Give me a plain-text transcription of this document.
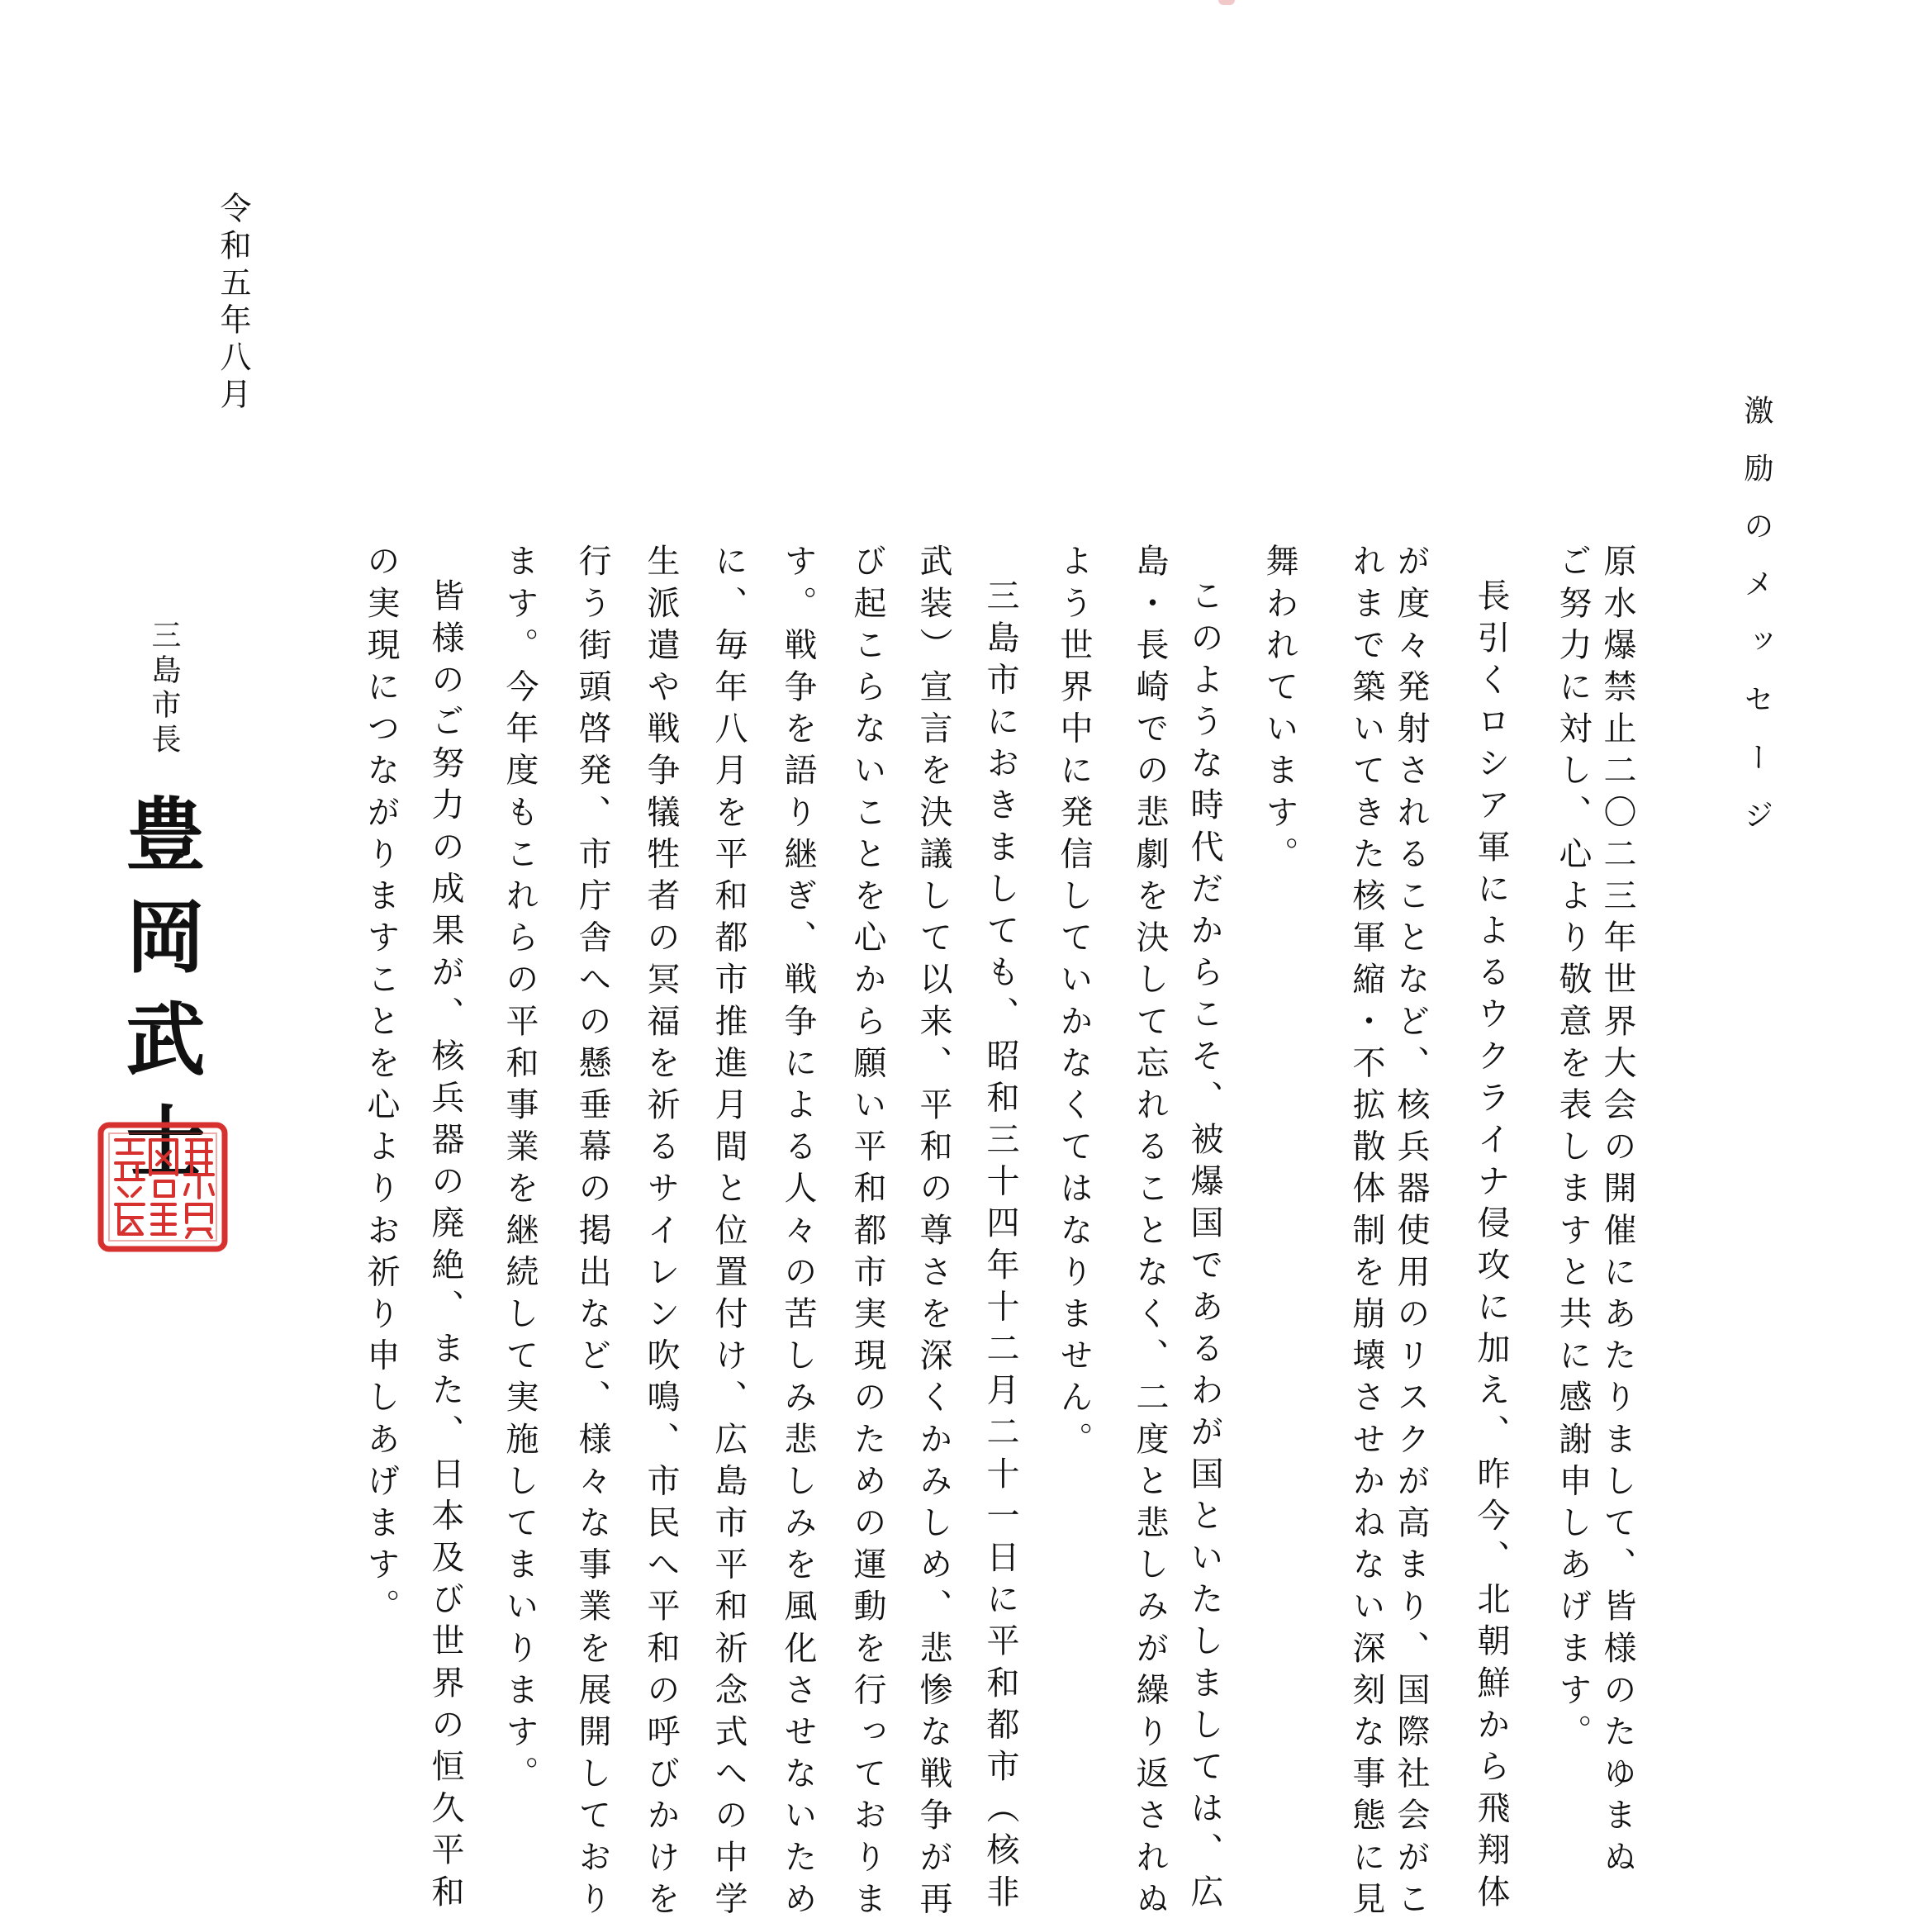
激励のメッセージ
原水爆禁止二〇二三年世界大会の開催にあたりまして、皆様のたゆまぬ
ご努力に対し、心より敬意を表しますと共に感謝申しあげます。
長引くロシア軍によるウクライナ侵攻に加え、昨今、北朝鮮から飛翔体
が度々発射されることなど、核兵器使用のリスクが高まり、国際社会がこ
れまで築いてきた核軍縮・不拡散体制を崩壊させかねない深刻な事態に見
舞われています。
このような時代だからこそ、被爆国であるわが国といたしましては、広
島・長崎での悲劇を決して忘れることなく、二度と悲しみが繰り返されぬ
よう世界中に発信していかなくてはなりません。
三島市におきましても、昭和三十四年十二月二十一日に平和都市（核非
武装）宣言を決議して以来、平和の尊さを深くかみしめ、悲惨な戦争が再
び起こらないことを心から願い平和都市実現のための運動を行っておりま
す。戦争を語り継ぎ、戦争による人々の苦しみ悲しみを風化させないため
に、毎年八月を平和都市推進月間と位置付け、広島市平和祈念式への中学
生派遣や戦争犠牲者の冥福を祈るサイレン吹鳴、市民へ平和の呼びかけを
行う街頭啓発、市庁舎への懸垂幕の掲出など、様々な事業を展開しており
ます。今年度もこれらの平和事業を継続して実施してまいります。
皆様のご努力の成果が、核兵器の廃絶、また、日本及び世界の恒久平和
の実現につながりますことを心よりお祈り申しあげます。
令和五年八月
三島市長
豊岡武士
